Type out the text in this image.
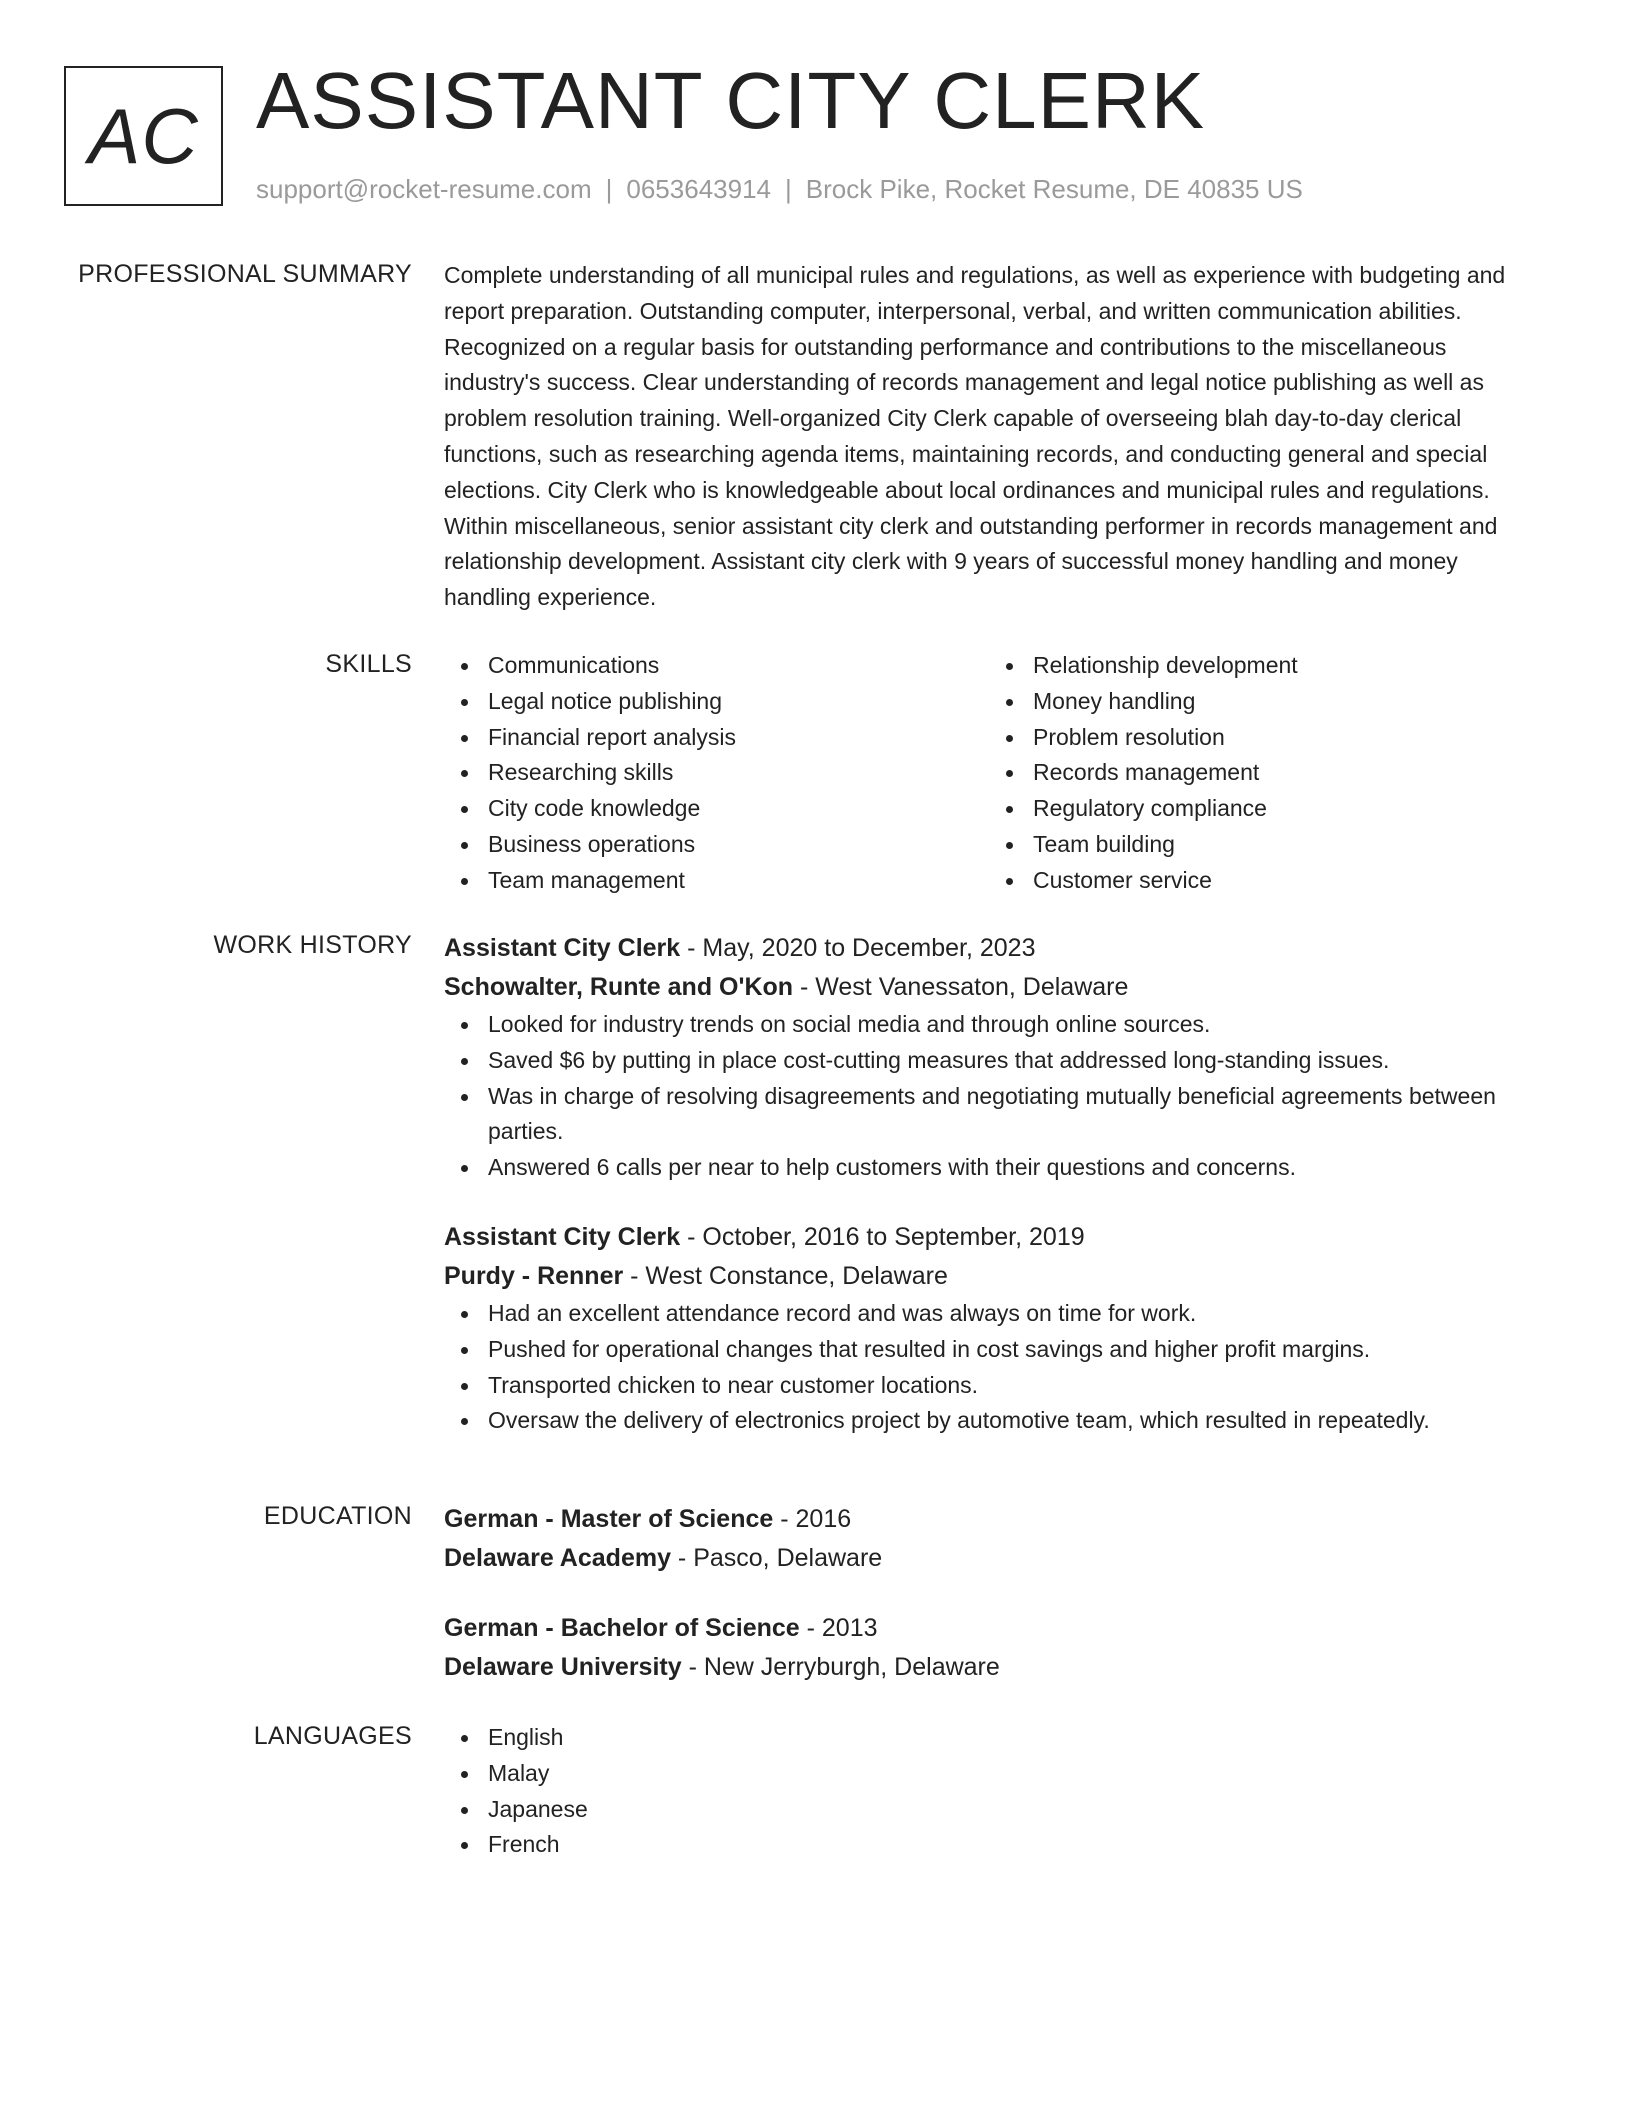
AC ASSISTANT CITY CLERK
support@rocket-resume.com | 0653643914 | Brock Pike, Rocket Resume, DE 40835 US
PROFESSIONAL SUMMARY Complete understanding of all municipal rules and regulations, as well as experience with budgeting and report preparation. Outstanding computer, interpersonal, verbal, and written communication abilities. Recognized on a regular basis for outstanding performance and contributions to the miscellaneous industry's success. Clear understanding of records management and legal notice publishing as well as problem resolution training. Well-organized City Clerk capable of overseeing blah day-to-day clerical functions, such as researching agenda items, maintaining records, and conducting general and special elections. City Clerk who is knowledgeable about local ordinances and municipal rules and regulations. Within miscellaneous, senior assistant city clerk and outstanding performer in records management and relationship development. Assistant city clerk with 9 years of successful money handling and money handling experience.

SKILLS	Communications
Legal notice publishing
Financial report analysis
Researching skills
City code knowledge
Business operations
Team management
Relationship development
Money handling
Problem resolution
Records management
Regulatory compliance
Team building
Customer service
WORK HISTORY Assistant City Clerk - May, 2020 to December, 2023
Schowalter, Runte and O'Kon - West Vanessaton, Delaware
Looked for industry trends on social media and through online sources.
Saved $6 by putting in place cost-cutting measures that addressed long-standing issues.
Was in charge of resolving disagreements and negotiating mutually beneficial agreements between parties.
Answered 6 calls per near to help customers with their questions and concerns.
Assistant City Clerk - October, 2016 to September, 2019
Purdy - Renner - West Constance, Delaware
Had an excellent attendance record and was always on time for work.
Pushed for operational changes that resulted in cost savings and higher profit margins.
Transported chicken to near customer locations.
Oversaw the delivery of electronics project by automotive team, which resulted in repeatedly.
EDUCATION German - Master of Science - 2016
Delaware Academy - Pasco, Delaware
German - Bachelor of Science - 2013
Delaware University - New Jerryburgh, Delaware
LANGUAGES	English
Malay
Japanese
French
